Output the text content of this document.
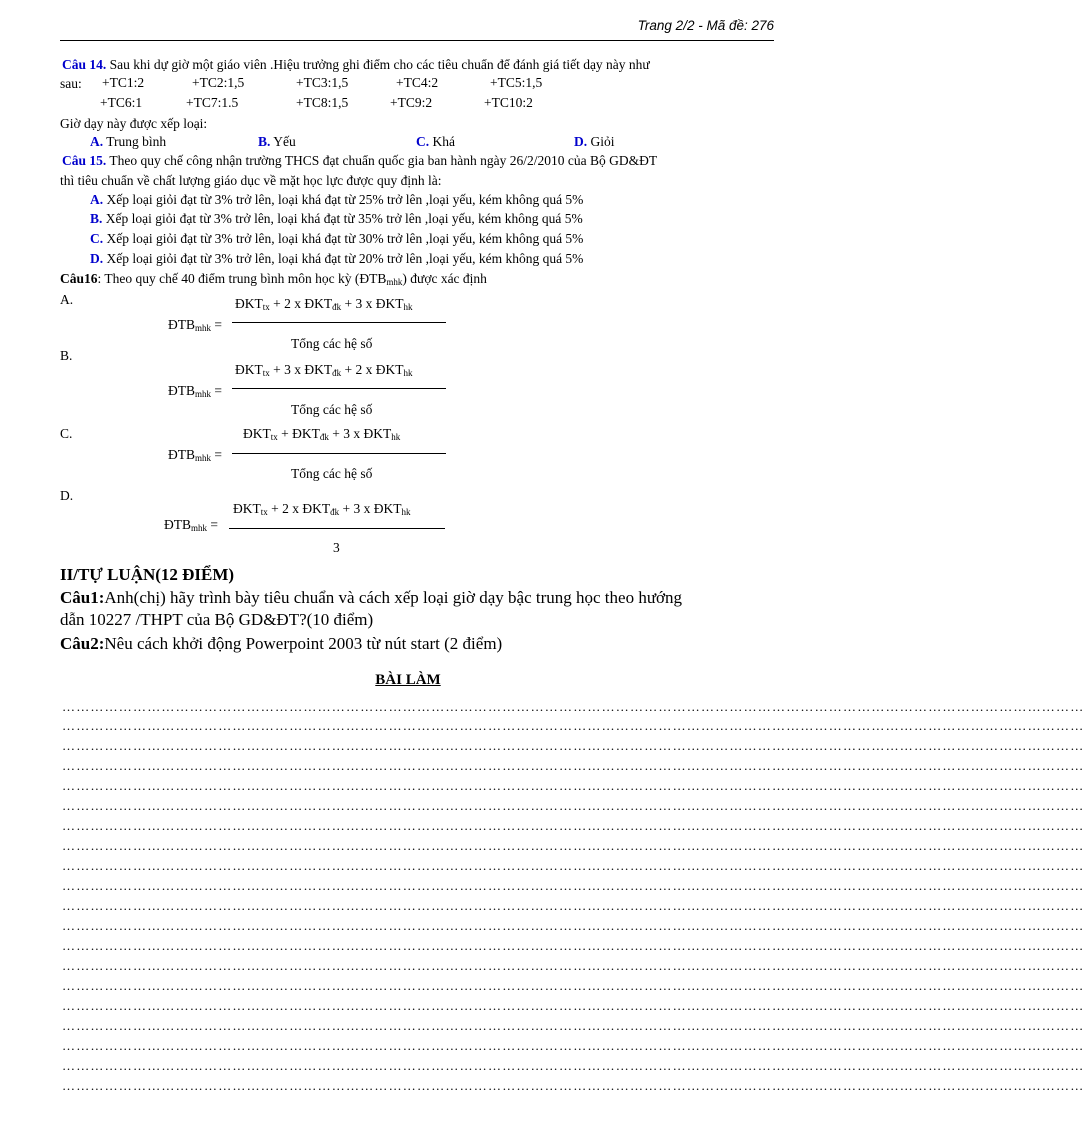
Trang 2/2 - Mã đề: 276
Câu 14. Sau khi dự giờ một giáo viên .Hiệu trưởng ghi điểm cho các tiêu chuẩn để đánh giá tiết dạy này như
sau: +TC1:2	+TC2:1,5	+TC3:1,5	+TC4:2	+TC5:1,5
+TC6:1	+TC7:1.5	+TC8:1,5	+TC9:2	+TC10:2
Giờ dạy này được xếp loại:
A. Trung bình	B. Yếu	C. Khá	D. Giỏi
Câu 15. Theo quy chế công nhận trường THCS đạt chuẩn quốc gia ban hành ngày 26/2/2010 của Bộ GD&ĐT
thì tiêu chuẩn về chất lượng giáo dục về mặt học lực được quy định là:
A. Xếp loại giỏi đạt từ 3% trở lên, loại khá đạt từ 25% trở lên ,loại yếu, kém không quá 5%
B. Xếp loại giỏi đạt từ 3% trở lên, loại khá đạt từ 35% trở lên ,loại yếu, kém không quá 5%
C. Xếp loại giỏi đạt từ 3% trở lên, loại khá đạt từ 30% trở lên ,loại yếu, kém không quá 5%
D. Xếp loại giỏi đạt từ 3% trở lên, loại khá đạt từ 20% trở lên ,loại yếu, kém không quá 5%
Câu16: Theo quy chế 40 điểm trung bình môn học kỳ $(ĐTB_{mhk})$ được xác định
A.
$ĐTB_{mhk}$ =
$ĐKT_{tx} + 2$ x $ĐKT_{đk} + 3$ x $ĐKT_{hk}$
Tổng các hệ số
B.
$ĐTB_{mhk}$ =
$ĐKT_{tx} + 3$ x $ĐKT_{đk} + 2$ x $ĐKT_{hk}$
Tổng các hệ số
C.
$ĐTB_{mhk}$ =
$ĐKT_{tx}$ + $ĐKT_{đk} + 3$ x $ĐKT_{hk}$
Tổng các hệ số
D.
$ĐTB_{mhk}$ =
$ĐKT_{tx} + 2$ x $ĐKT_{đk} + 3$ x $ĐKT_{hk}$
3
II/TỰ LUẬN(12 ĐIỂM)
Câu1:Anh(chị) hãy trình bày tiêu chuẩn và cách xếp loại giờ dạy bậc trung học theo hướng
dẫn 10227 /THPT của Bộ GD&ĐT?(10 điểm)
Câu2:Nêu cách khởi động Powerpoint 2003 từ nút start (2 điểm)
BÀI LÀM
………………………………………………………………………………………………………………………………………………………………………………………………
………………………………………………………………………………………………………………………………………………………………………………………………
………………………………………………………………………………………………………………………………………………………………………………………………
………………………………………………………………………………………………………………………………………………………………………………………………
………………………………………………………………………………………………………………………………………………………………………………………………
………………………………………………………………………………………………………………………………………………………………………………………………
………………………………………………………………………………………………………………………………………………………………………………………………
………………………………………………………………………………………………………………………………………………………………………………………………
………………………………………………………………………………………………………………………………………………………………………………………………
………………………………………………………………………………………………………………………………………………………………………………………………
………………………………………………………………………………………………………………………………………………………………………………………………
………………………………………………………………………………………………………………………………………………………………………………………………
………………………………………………………………………………………………………………………………………………………………………………………………
………………………………………………………………………………………………………………………………………………………………………………………………
………………………………………………………………………………………………………………………………………………………………………………………………
………………………………………………………………………………………………………………………………………………………………………………………………
………………………………………………………………………………………………………………………………………………………………………………………………
………………………………………………………………………………………………………………………………………………………………………………………………
………………………………………………………………………………………………………………………………………………………………………………………………
………………………………………………………………………………………………………………………………………………………………………………………………
